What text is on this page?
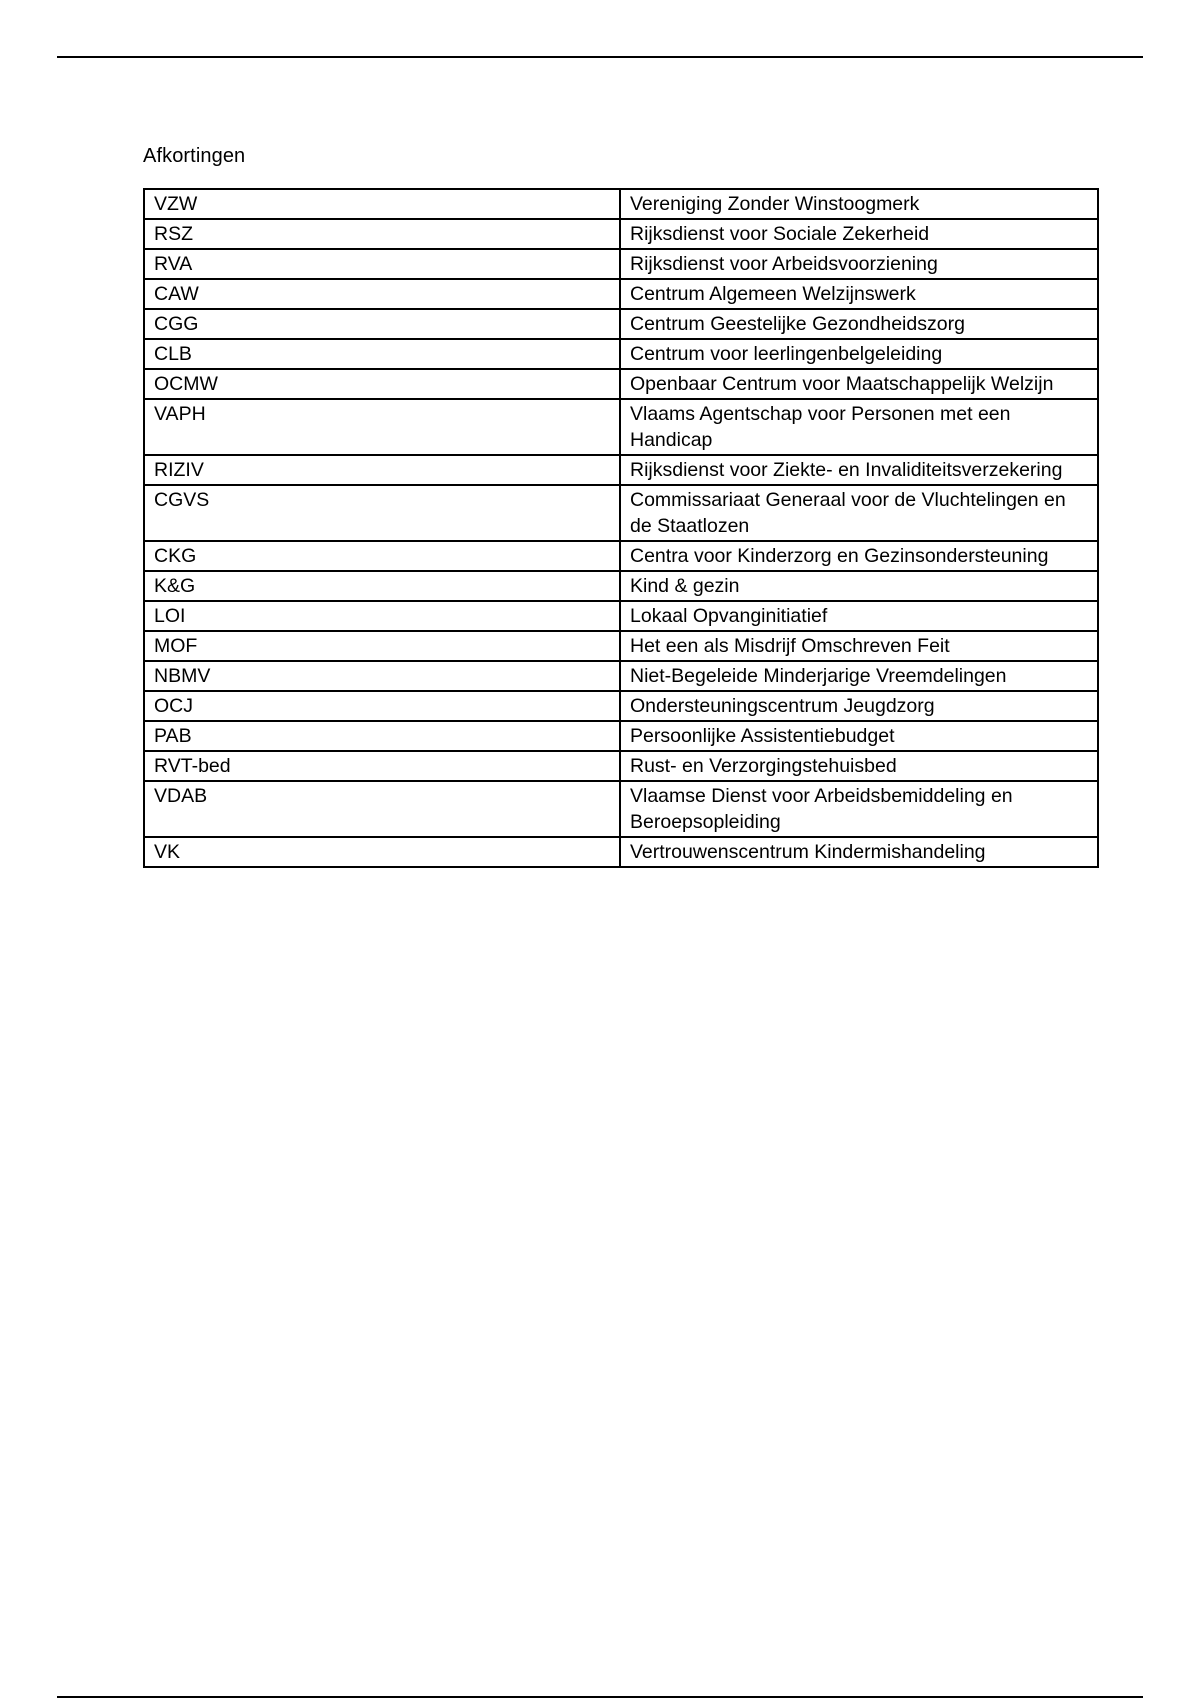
Afkortingen
VZW	Vereniging Zonder Winstoogmerk
RSZ	Rijksdienst voor Sociale Zekerheid
RVA	Rijksdienst voor Arbeidsvoorziening
CAW	Centrum Algemeen Welzijnswerk
CGG	Centrum Geestelijke Gezondheidszorg
CLB	Centrum voor leerlingenbelgeleiding
OCMW	Openbaar Centrum voor Maatschappelijk Welzijn
VAPH	Vlaams Agentschap voor Personen met een Handicap
RIZIV	Rijksdienst voor Ziekte- en Invaliditeitsverzekering
CGVS	Commissariaat Generaal voor de Vluchtelingen en de Staatlozen
CKG	Centra voor Kinderzorg en Gezinsondersteuning
K&G	Kind & gezin
LOI	Lokaal Opvanginitiatief
MOF	Het een als Misdrijf Omschreven Feit
NBMV	Niet-Begeleide Minderjarige Vreemdelingen
OCJ	Ondersteuningscentrum Jeugdzorg
PAB	Persoonlijke Assistentiebudget
RVT-bed	Rust- en Verzorgingstehuisbed
VDAB	Vlaamse Dienst voor Arbeidsbemiddeling en Beroepsopleiding
VK	Vertrouwenscentrum Kindermishandeling
